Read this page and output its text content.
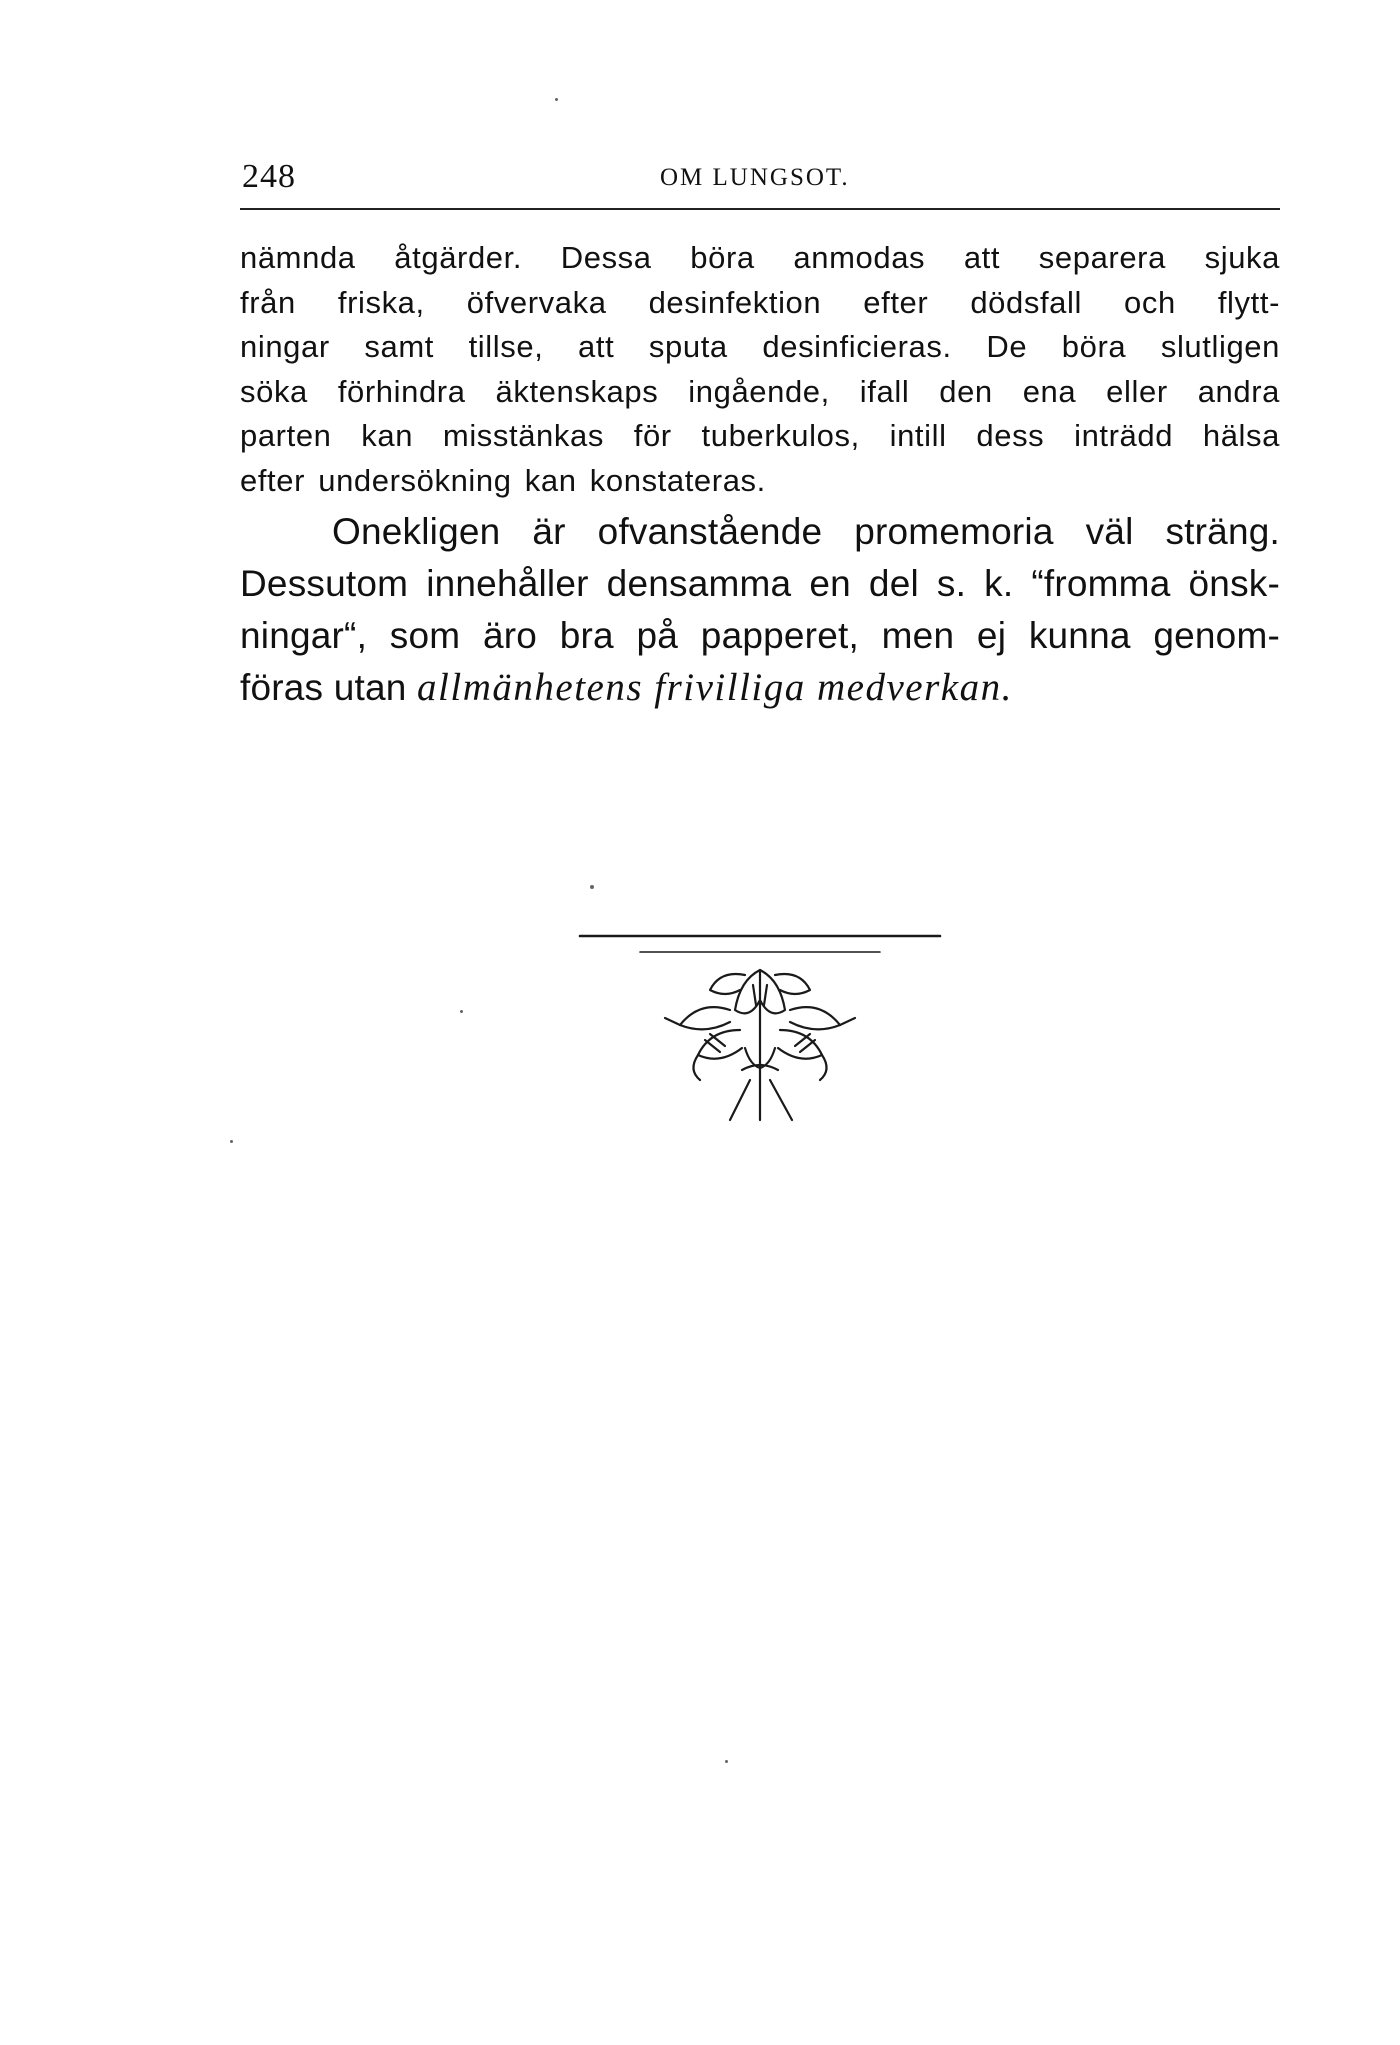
248	OM LUNGSOT.
nämnda åtgärder. Dessa böra anmodas att separera sjuka
från friska, öfvervaka desinfektion efter dödsfall och flytt-
ningar samt tillse, att sputa desinficieras. De böra slutligen
söka förhindra äktenskaps ingående, ifall den ena eller andra
parten kan misstänkas för tuberkulos, intill dess inträdd hälsa
efter undersökning kan konstateras.
Onekligen är ofvanstående promemoria väl sträng.
Dessutom innehåller densamma en del s. k. “fromma önsk-
ningar“, som äro bra på papperet, men ej kunna genom-
föras utan allmänhetens frivilliga medverkan.
